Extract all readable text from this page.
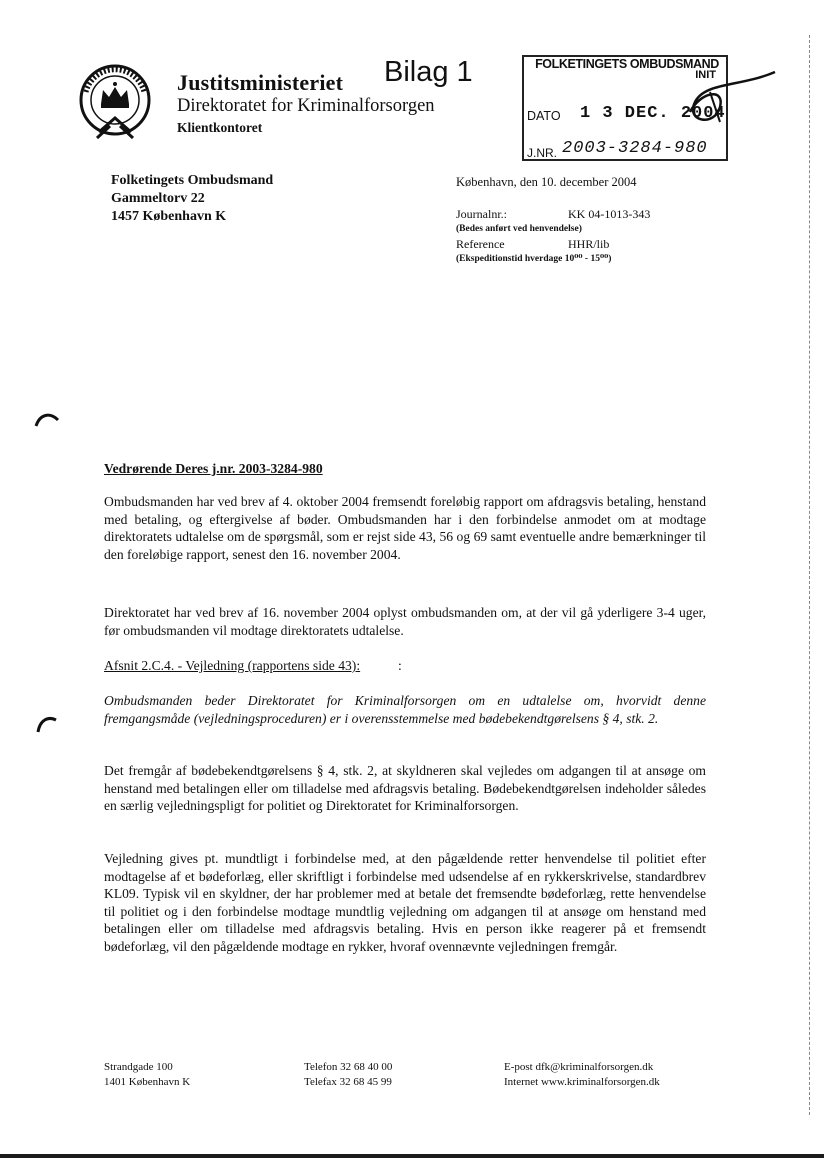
Justitsministeriet Bilag 1
Direktoratet for Kriminalforsorgen
Klientkontoret
FOLKETINGETS OMBUDSMAND
INIT
DATO 1 3 DEC. 2004
J.NR. 2003-3284-980
Folketingets Ombudsmand
Gammeltorv 22
1457 København K
København, den 10. december 2004
Journalnr.:	KK 04-1013-343
(Bedes anført ved henvendelse)
Reference	HHR/lib
(Ekspeditionstid hverdage 10⁰⁰ - 15⁰⁰)
Vedrørende Deres j.nr. 2003-3284-980
Ombudsmanden har ved brev af 4. oktober 2004 fremsendt foreløbig rapport om afdragsvis betaling, henstand med betaling, og eftergivelse af bøder. Ombudsmanden har i den forbindelse anmodet om at modtage direktoratets udtalelse om de spørgsmål, som er rejst side 43, 56 og 69 samt eventuelle andre bemærkninger til den foreløbige rapport, senest den 16. november 2004.
Direktoratet har ved brev af 16. november 2004 oplyst ombudsmanden om, at der vil gå yderligere 3-4 uger, før ombudsmanden vil modtage direktoratets udtalelse.
Afsnit 2.C.4. - Vejledning (rapportens side 43):	:
Ombudsmanden beder Direktoratet for Kriminalforsorgen om en udtalelse om, hvorvidt denne fremgangsmåde (vejledningsproceduren) er i overensstemmelse med bødebekendtgørelsens § 4, stk. 2.
Det fremgår af bødebekendtgørelsens § 4, stk. 2, at skyldneren skal vejledes om adgangen til at ansøge om henstand med betalingen eller om tilladelse med afdragsvis betaling. Bødebekendtgørelsen indeholder således en særlig vejledningspligt for politiet og Direktoratet for Kriminalforsorgen.
Vejledning gives pt. mundtligt i forbindelse med, at den pågældende retter henvendelse til politiet efter modtagelse af et bødeforlæg, eller skriftligt i forbindelse med udsendelse af en rykkerskrivelse, standardbrev KL09. Typisk vil en skyldner, der har problemer med at betale det fremsendte bødeforlæg, rette henvendelse til politiet og i den forbindelse modtage mundtlig vejledning om adgangen til at ansøge om henstand med betalingen eller om tilladelse med afdragsvis betaling. Hvis en person ikke reagerer på et fremsendt bødeforlæg, vil den pågældende modtage en rykker, hvoraf ovennævnte vejledningen fremgår.
Strandgade 100
1401 København K
Telefon 32 68 40 00
Telefax 32 68 45 99
E-post dfk@kriminalforsorgen.dk
Internet www.kriminalforsorgen.dk
